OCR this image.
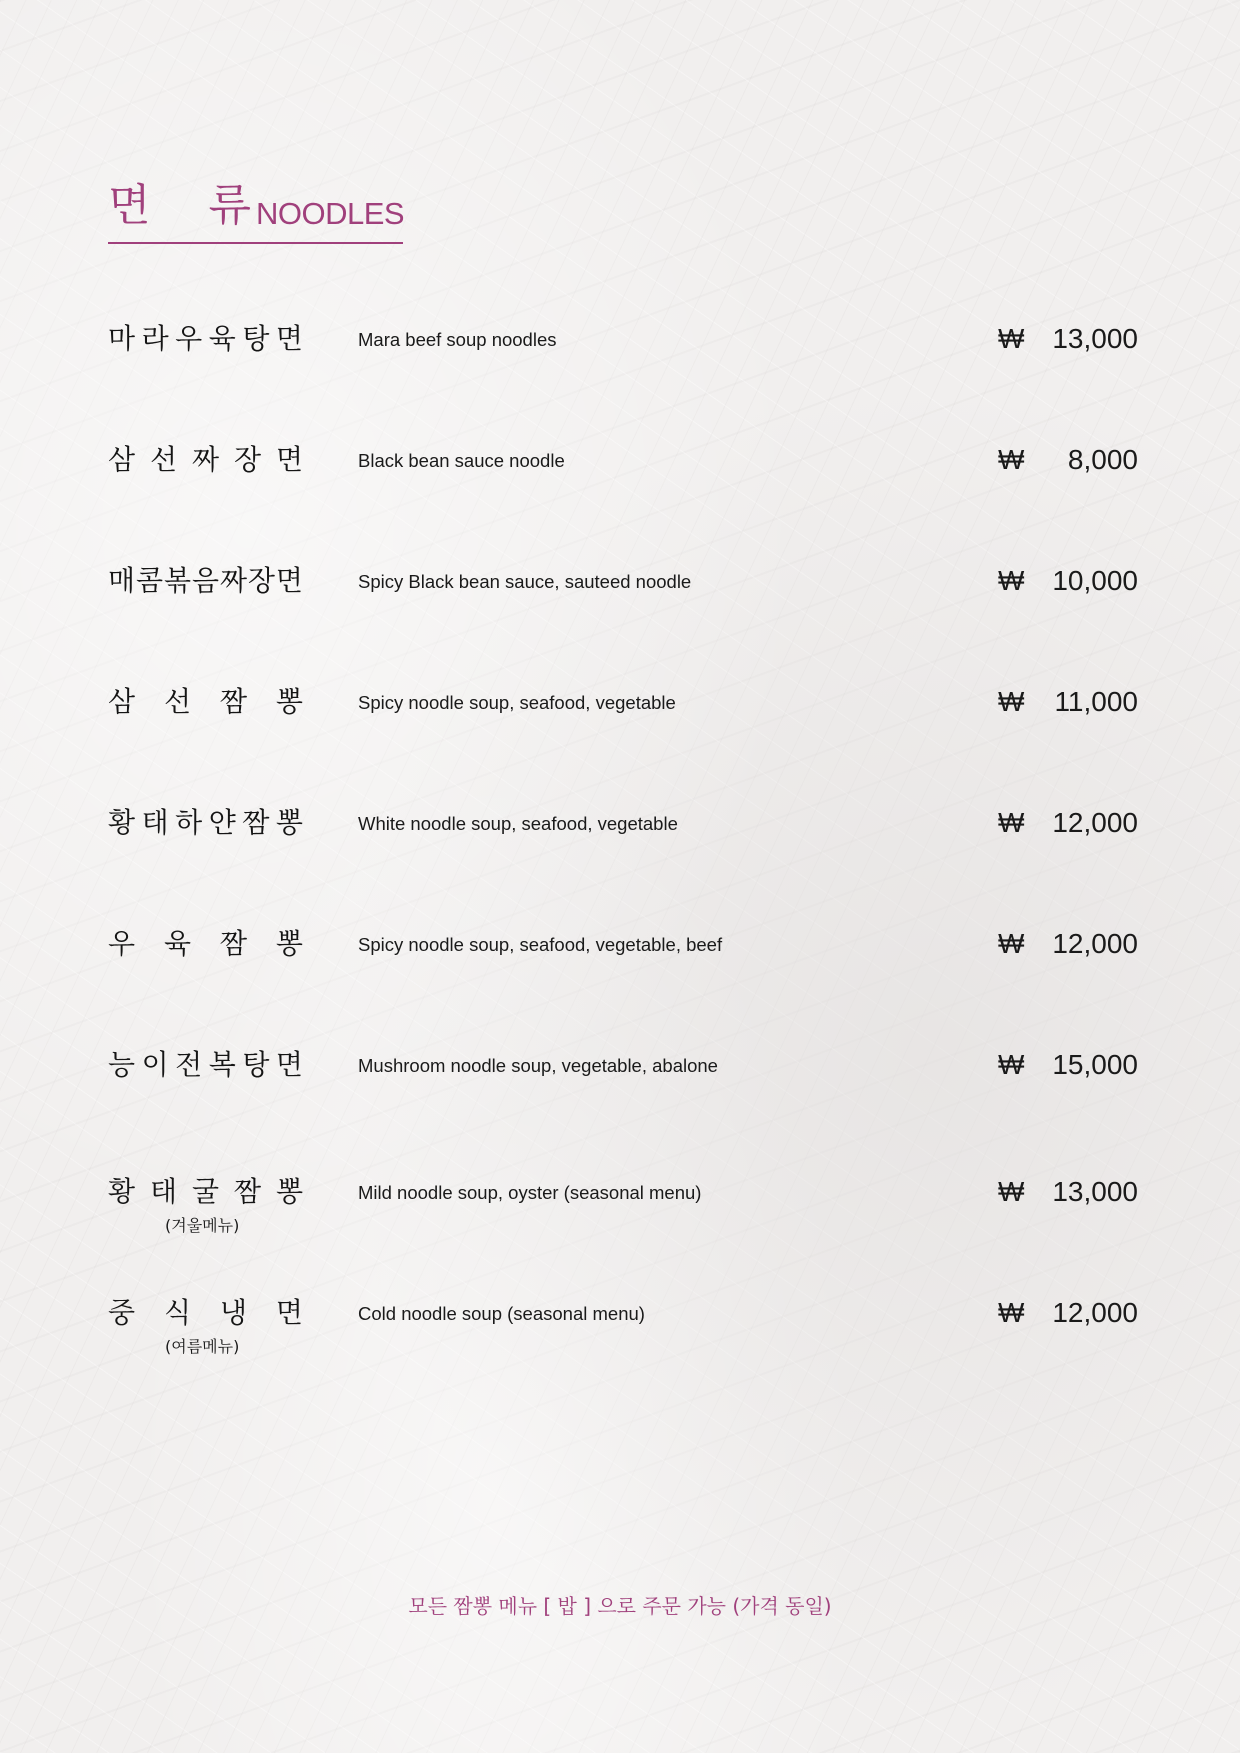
면 류
NOODLES
마 라 우 육 탕 면	Mara beef soup noodles	₩ 13,000
삼 선 짜 장 면	Black bean sauce noodle	₩ 8,000
매 콤 볶 음 짜 장 면	Spicy Black bean sauce, sauteed noodle	₩ 10,000
삼 선 짬 뽕	Spicy noodle soup, seafood, vegetable	₩ 11,000
황 태 하 얀 짬 뽕	White noodle soup, seafood, vegetable	₩ 12,000
우 육 짬 뽕	Spicy noodle soup, seafood, vegetable, beef	₩ 12,000
능 이 전 복 탕 면	Mushroom noodle soup, vegetable, abalone	₩ 15,000
황 태 굴 짬 뽕	Mild noodle soup, oyster (seasonal menu)	₩ 13,000
(겨울메뉴)
중 식 냉 면	Cold noodle soup (seasonal menu)	₩ 12,000
(여름메뉴)
모든 짬뽕 메뉴 [ 밥 ] 으로 주문 가능 (가격 동일)
